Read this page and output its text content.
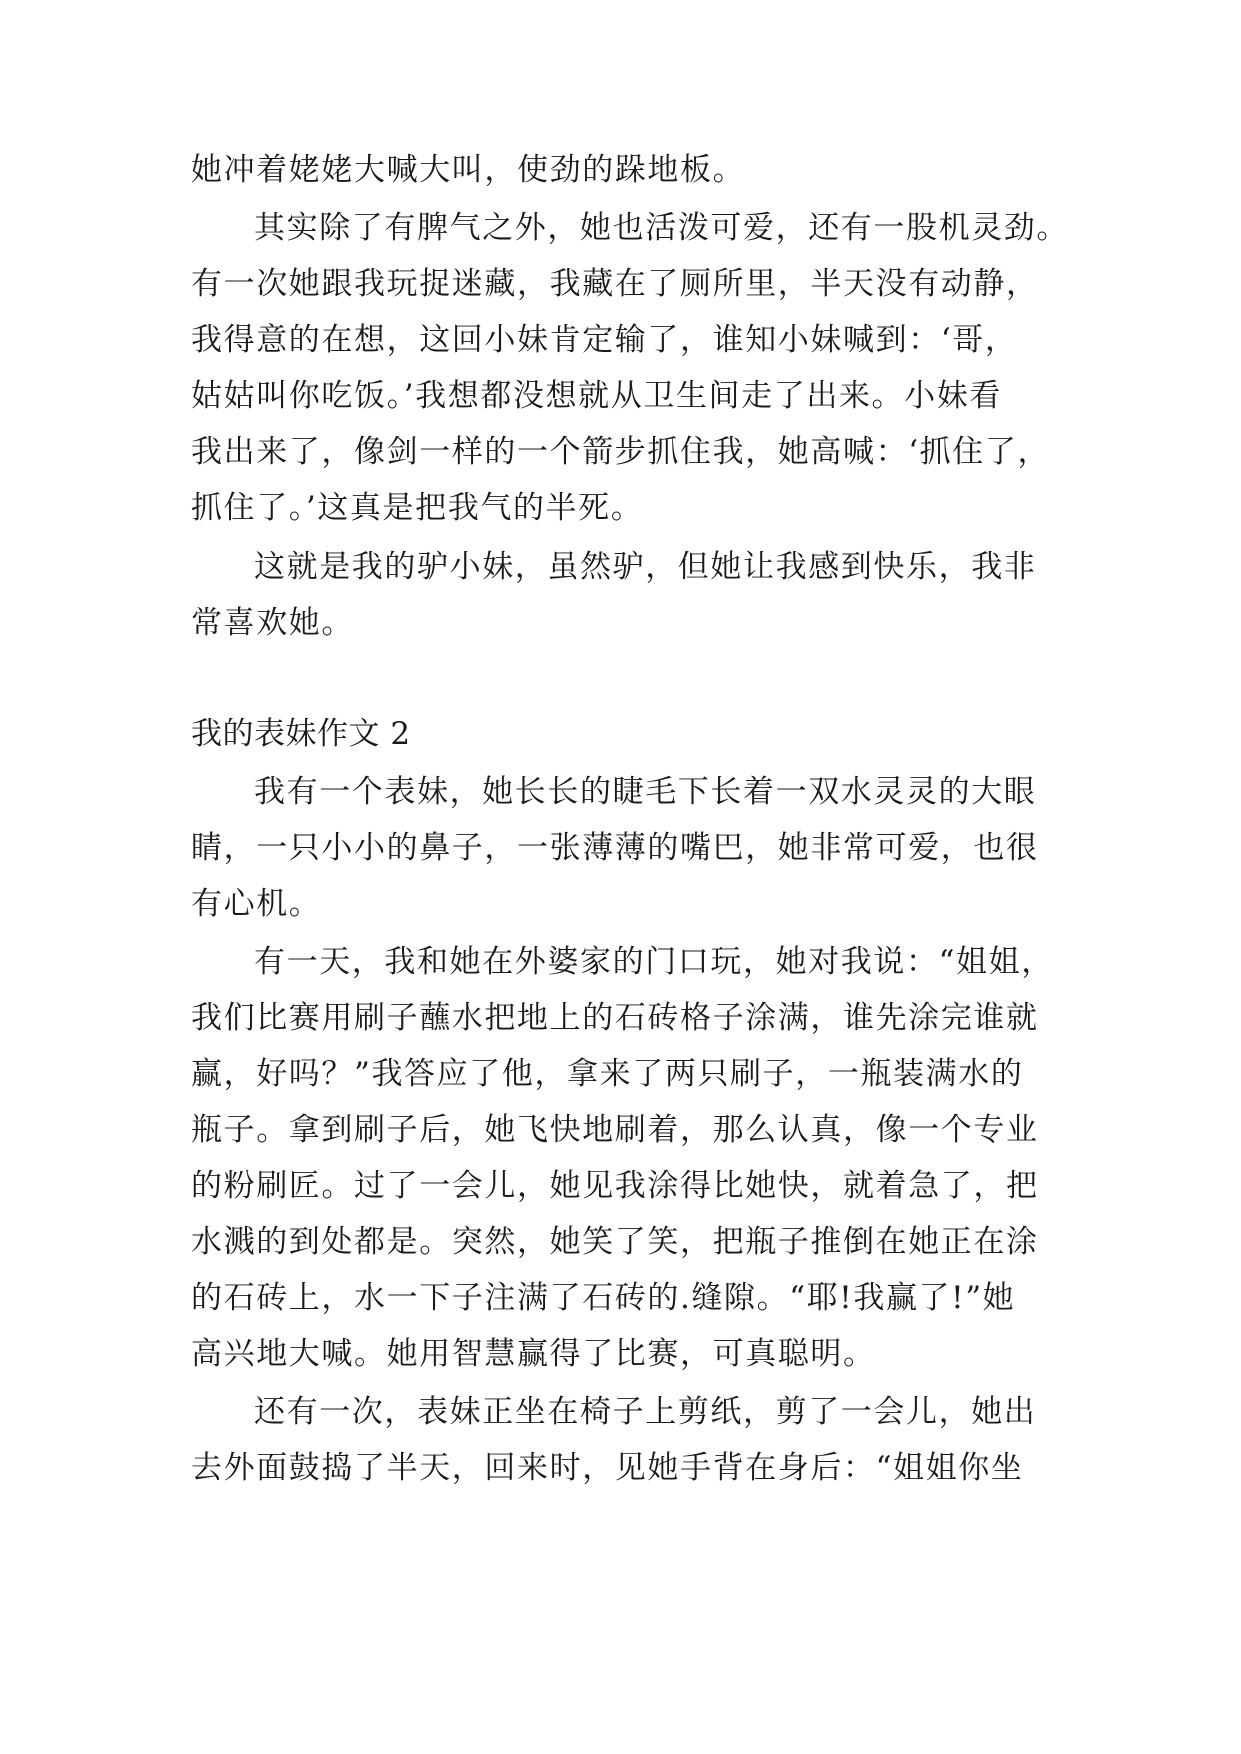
她冲着姥姥大喊大叫，使劲的跺地板。
其实除了有脾气之外，她也活泼可爱，还有一股机灵劲。
有一次她跟我玩捉迷藏，我藏在了厕所里，半天没有动静，
我得意的在想，这回小妹肯定输了，谁知小妹喊到：‘哥，
姑姑叫你吃饭。’我想都没想就从卫生间走了出来。小妹看
我出来了，像剑一样的一个箭步抓住我，她高喊：‘抓住了，
抓住了。’这真是把我气的半死。
这就是我的驴小妹，虽然驴，但她让我感到快乐，我非
常喜欢她。
我的表妹作文 2
我有一个表妹，她长长的睫毛下长着一双水灵灵的大眼
睛，一只小小的鼻子，一张薄薄的嘴巴，她非常可爱，也很
有心机。
有一天，我和她在外婆家的门口玩，她对我说：“姐姐，
我们比赛用刷子蘸水把地上的石砖格子涂满，谁先涂完谁就
赢，好吗？”我答应了他，拿来了两只刷子，一瓶装满水的
瓶子。拿到刷子后，她飞快地刷着，那么认真，像一个专业
的粉刷匠。过了一会儿，她见我涂得比她快，就着急了，把
水溅的到处都是。突然，她笑了笑，把瓶子推倒在她正在涂
的石砖上，水一下子注满了石砖的.缝隙。“耶!我赢了!”她
高兴地大喊。她用智慧赢得了比赛，可真聪明。
还有一次，表妹正坐在椅子上剪纸，剪了一会儿，她出
去外面鼓捣了半天，回来时，见她手背在身后：“姐姐你坐
